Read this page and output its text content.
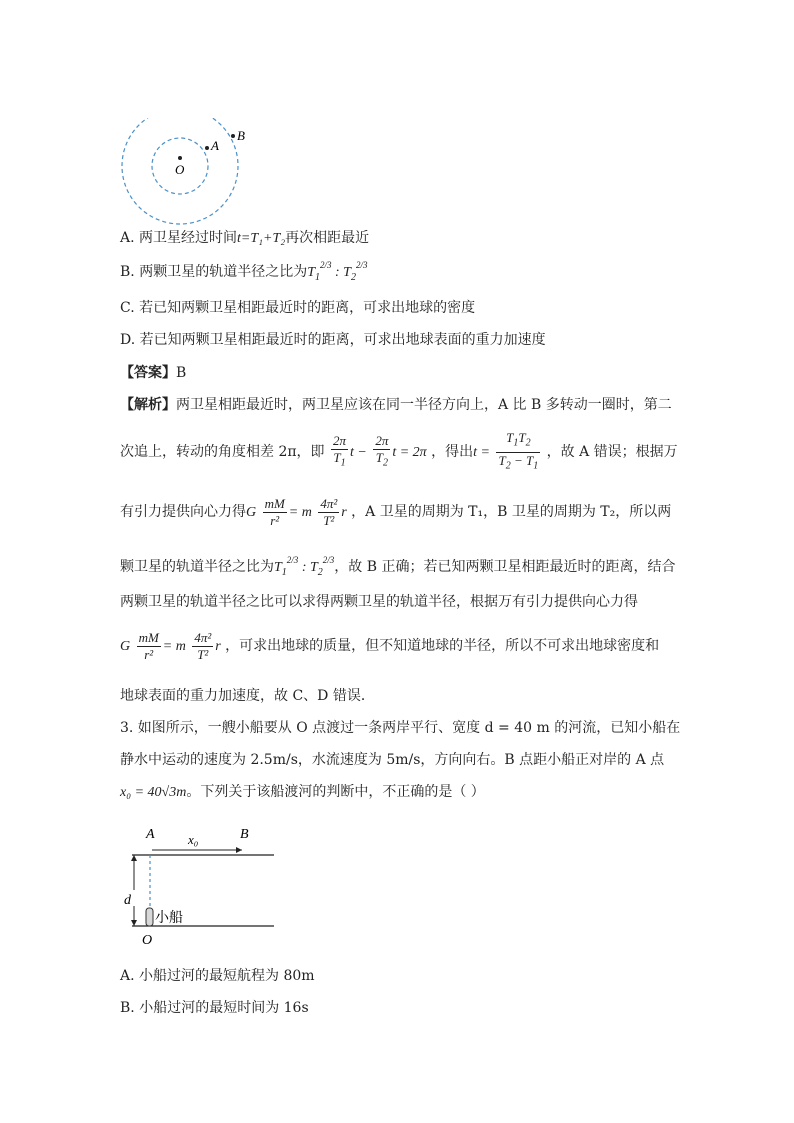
B
A
O
A. 两卫星经过时间t=T₁+T₂再次相距最近
B. 两颗卫星的轨道半径之比为$T_1^{2/3}$ : $T_2^{2/3}$
C. 若已知两颗卫星相距最近时的距离，可求出地球的密度
D. 若已知两颗卫星相距最近时的距离，可求出地球表面的重力加速度
【答案】B
【解析】两卫星相距最近时，两卫星应该在同一半径方向上，A 比 B 多转动一圈时，第二
次追上，转动的角度相差 2π，即 $\frac{2\pi}{T_1}$ $t - \frac{2\pi}{T_2}$ t = 2π ，得出$t = \frac{T_1T_2}{T_2 - T_1}$ ，故 A 错误；根据万
有引力提供向心力得G $\frac{mM}{\text{r²}} = m \frac{\text{4π²}}{\text{T²}}$ r ，A 卫星的周期为 T₁，B 卫星的周期为 T₂，所以两
颗卫星的轨道半径之比为$T_1^{2/3}$ : $T_2^{2/3}$，故 B 正确；若已知两颗卫星相距最近时的距离，结合
两颗卫星的轨道半径之比可以求得两颗卫星的轨道半径，根据万有引力提供向心力得
G $\frac{mM}{\text{r²}} = m \frac{\text{4π²}}{\text{T²}}$ r ，可求出地球的质量，但不知道地球的半径，所以不可求出地球密度和
地球表面的重力加速度，故 C、D 错误．
3. 如图所示，一艘小船要从 O 点渡过一条两岸平行、宽度 d = 40 m 的河流，已知小船在
静水中运动的速度为 2.5m/s，水流速度为 5m/s，方向向右。B 点距小船正对岸的 A 点
x₀ = 40√3m。下列关于该船渡河的判断中，不正确的是（ ）
A	B
x₀
d
小船
O
A. 小船过河的最短航程为 80m
B. 小船过河的最短时间为 16s
